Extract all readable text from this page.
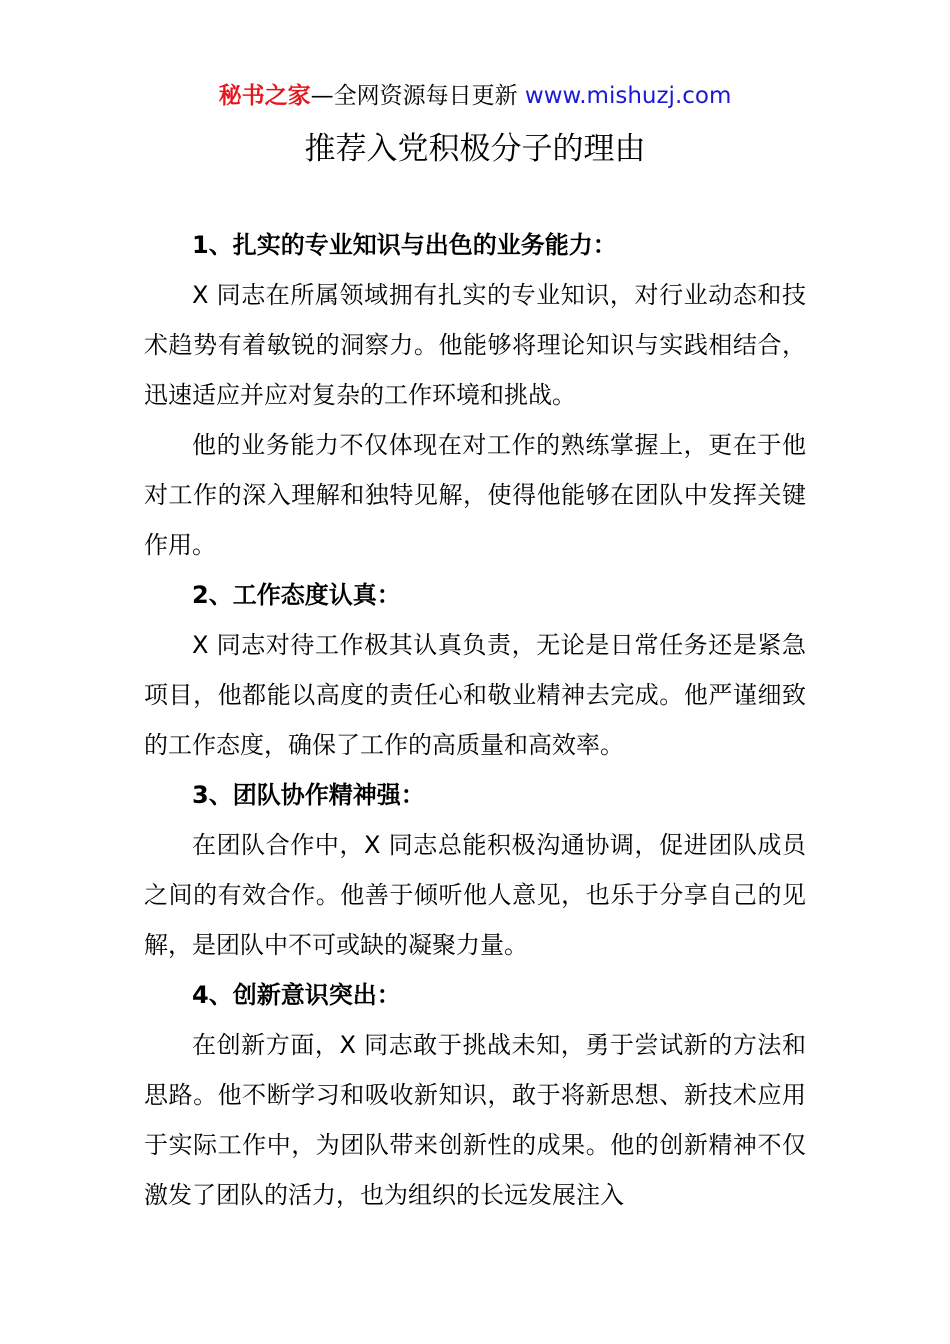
秘书之家—全网资源每日更新 www.mishuzj.com
推荐入党积极分子的理由

1、扎实的专业知识与出色的业务能力：

X 同志在所属领域拥有扎实的专业知识，对行业动态和技术趋势有着敏锐的洞察力。他能够将理论知识与实践相结合，迅速适应并应对复杂的工作环境和挑战。

他的业务能力不仅体现在对工作的熟练掌握上，更在于他对工作的深入理解和独特见解，使得他能够在团队中发挥关键作用。

2、工作态度认真：

X 同志对待工作极其认真负责，无论是日常任务还是紧急项目，他都能以高度的责任心和敬业精神去完成。他严谨细致的工作态度，确保了工作的高质量和高效率。

3、团队协作精神强：

在团队合作中，X 同志总能积极沟通协调，促进团队成员之间的有效合作。他善于倾听他人意见，也乐于分享自己的见解，是团队中不可或缺的凝聚力量。

4、创新意识突出：

在创新方面，X 同志敢于挑战未知，勇于尝试新的方法和思路。他不断学习和吸收新知识，敢于将新思想、新技术应用于实际工作中，为团队带来创新性的成果。他的创新精神不仅激发了团队的活力，也为组织的长远发展注入
